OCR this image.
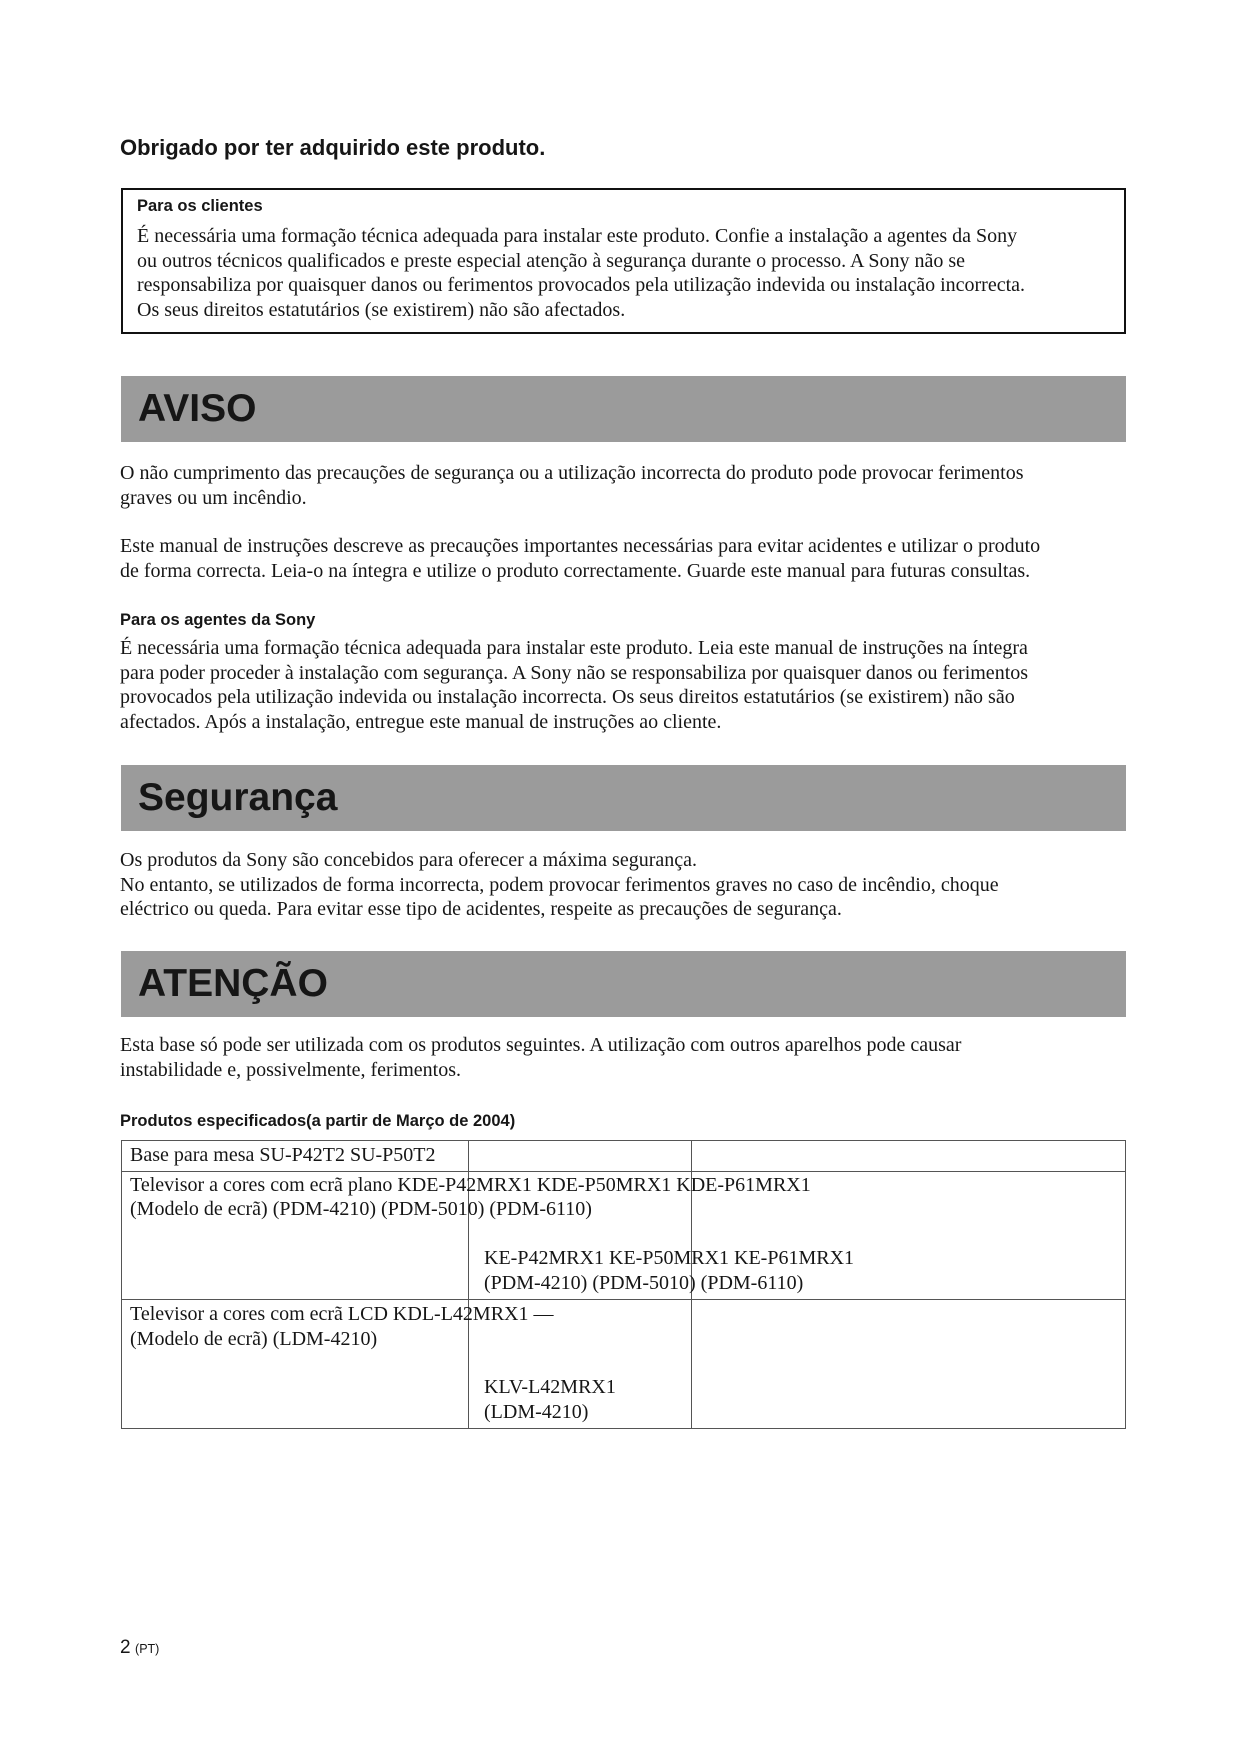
Obrigado por ter adquirido este produto.
Para os clientes
É necessária uma formação técnica adequada para instalar este produto. Confie a instalação a agentes da Sony
ou outros técnicos qualificados e preste especial atenção à segurança durante o processo. A Sony não se
responsabiliza por quaisquer danos ou ferimentos provocados pela utilização indevida ou instalação incorrecta.
Os seus direitos estatutários (se existirem) não são afectados.
AVISO
O não cumprimento das precauções de segurança ou a utilização incorrecta do produto pode provocar ferimentos
graves ou um incêndio.
Este manual de instruções descreve as precauções importantes necessárias para evitar acidentes e utilizar o produto
de forma correcta. Leia-o na íntegra e utilize o produto correctamente. Guarde este manual para futuras consultas.
Para os agentes da Sony
É necessária uma formação técnica adequada para instalar este produto. Leia este manual de instruções na íntegra
para poder proceder à instalação com segurança. A Sony não se responsabiliza por quaisquer danos ou ferimentos
provocados pela utilização indevida ou instalação incorrecta. Os seus direitos estatutários (se existirem) não são
afectados. Após a instalação, entregue este manual de instruções ao cliente.
Segurança
Os produtos da Sony são concebidos para oferecer a máxima segurança.
No entanto, se utilizados de forma incorrecta, podem provocar ferimentos graves no caso de incêndio, choque
eléctrico ou queda. Para evitar esse tipo de acidentes, respeite as precauções de segurança.
ATENÇÃO
Esta base só pode ser utilizada com os produtos seguintes. A utilização com outros aparelhos pode causar
instabilidade e, possivelmente, ferimentos.
Produtos especificados(a partir de Março de 2004)
Base para mesa SU-P42T2 SU-P50T2
Televisor a cores com ecrã plano KDE-P42MRX1 KDE-P50MRX1 KDE-P61MRX1
(Modelo de ecrã) (PDM-4210) (PDM-5010) (PDM-6110)
KE-P42MRX1 KE-P50MRX1 KE-P61MRX1
(PDM-4210) (PDM-5010) (PDM-6110)
Televisor a cores com ecrã LCD KDL-L42MRX1 —
(Modelo de ecrã) (LDM-4210)
KLV-L42MRX1
(LDM-4210)
2 (PT)
